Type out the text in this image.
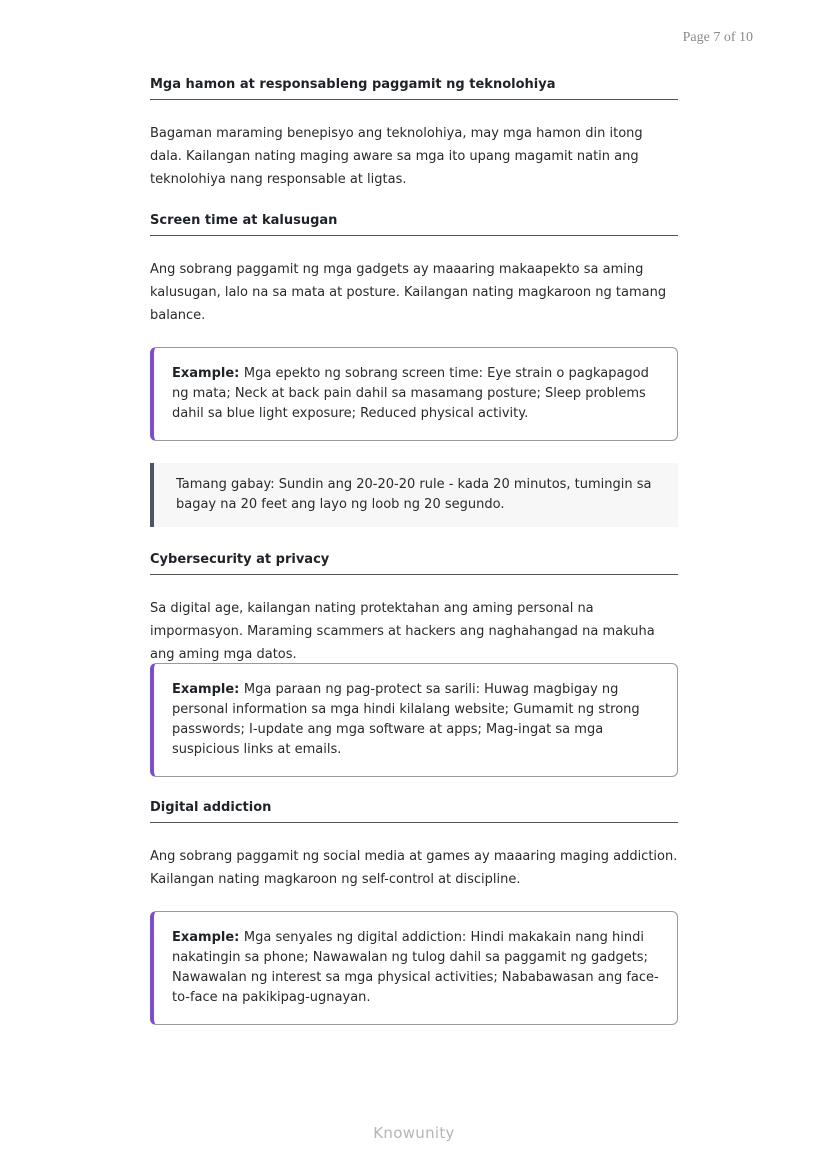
Page 7 of 10
Mga hamon at responsableng paggamit ng teknolohiya
Bagaman maraming benepisyo ang teknolohiya, may mga hamon din itong dala. Kailangan nating maging aware sa mga ito upang magamit natin ang teknolohiya nang responsable at ligtas.
Screen time at kalusugan
Ang sobrang paggamit ng mga gadgets ay maaaring makaapekto sa aming kalusugan, lalo na sa mata at posture. Kailangan nating magkaroon ng tamang balance.
Example: Mga epekto ng sobrang screen time: Eye strain o pagkapagod ng mata; Neck at back pain dahil sa masamang posture; Sleep problems dahil sa blue light exposure; Reduced physical activity.
Tamang gabay: Sundin ang 20-20-20 rule - kada 20 minutos, tumingin sa bagay na 20 feet ang layo ng loob ng 20 segundo.
Cybersecurity at privacy
Sa digital age, kailangan nating protektahan ang aming personal na impormasyon. Maraming scammers at hackers ang naghahangad na makuha ang aming mga datos.
Example: Mga paraan ng pag-protect sa sarili: Huwag magbigay ng personal information sa mga hindi kilalang website; Gumamit ng strong passwords; I-update ang mga software at apps; Mag-ingat sa mga suspicious links at emails.
Digital addiction
Ang sobrang paggamit ng social media at games ay maaaring maging addiction. Kailangan nating magkaroon ng self-control at discipline.
Example: Mga senyales ng digital addiction: Hindi makakain nang hindi nakatingin sa phone; Nawawalan ng tulog dahil sa paggamit ng gadgets; Nawawalan ng interest sa mga physical activities; Nababawasan ang face-to-face na pakikipag-ugnayan.
Knowunity
